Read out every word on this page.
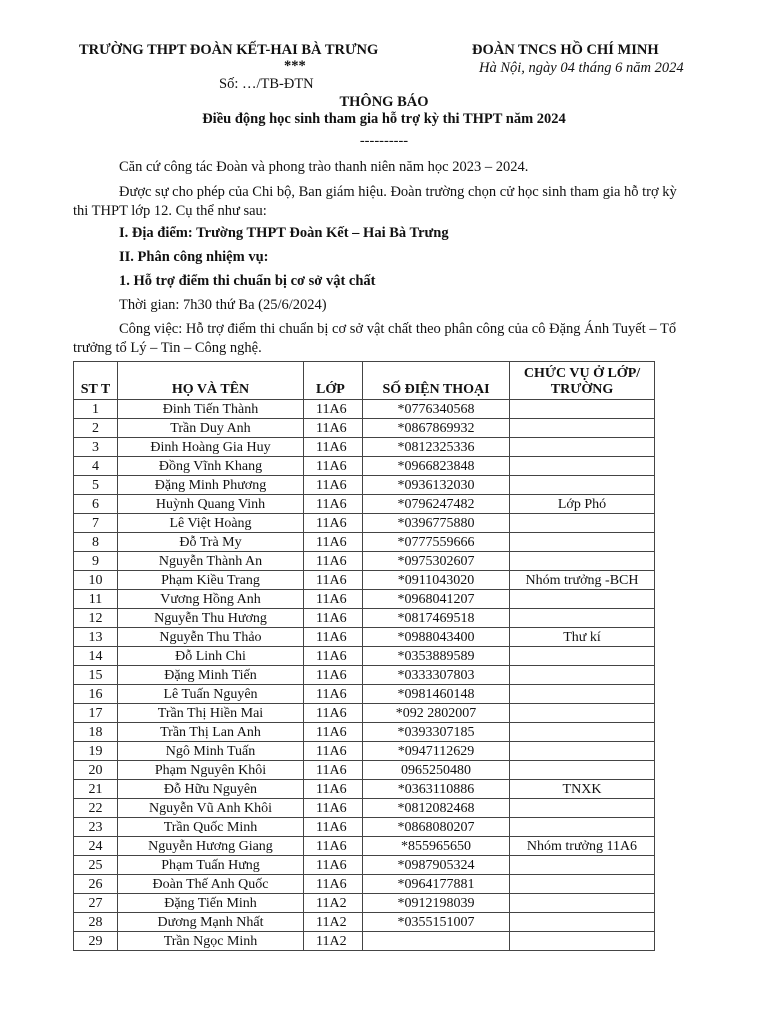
TRƯỜNG THPT ĐOÀN KẾT-HAI BÀ TRƯNG
***
Số: …/TB-ĐTN
ĐOÀN TNCS HỒ CHÍ MINH
Hà Nội, ngày 04 tháng 6 năm 2024
THÔNG BÁO
Điều động học sinh tham gia hỗ trợ kỳ thi THPT năm 2024
----------
Căn cứ công tác Đoàn và phong trào thanh niên năm học 2023 – 2024.
Được sự cho phép của Chi bộ, Ban giám hiệu. Đoàn trường chọn cử học sinh tham gia hỗ trợ kỳ thi THPT lớp 12. Cụ thể như sau:
I. Địa điểm: Trường THPT Đoàn Kết – Hai Bà Trưng
II. Phân công nhiệm vụ:
1. Hỗ trợ điểm thi chuẩn bị cơ sở vật chất
Thời gian: 7h30 thứ Ba (25/6/2024)
Công việc: Hỗ trợ điểm thi chuẩn bị cơ sở vật chất theo phân công của cô Đặng Ánh Tuyết – Tổ trưởng tổ Lý – Tin – Công nghệ.
ST T	HỌ VÀ TÊN	LỚP	SỐ ĐIỆN THOẠI	CHỨC VỤ Ở LỚP/ TRƯỜNG
1	Đinh Tiến Thành	11A6	*0776340568	
2	Trần Duy Anh	11A6	*0867869932	
3	Đinh Hoàng Gia Huy	11A6	*0812325336	
4	Đồng Vĩnh Khang	11A6	*0966823848	
5	Đặng Minh Phương	11A6	*0936132030	
6	Huỳnh Quang Vinh	11A6	*0796247482	Lớp Phó
7	Lê Việt Hoàng	11A6	*0396775880	
8	Đỗ Trà My	11A6	*0777559666	
9	Nguyễn Thành An	11A6	*0975302607	
10	Phạm Kiều Trang	11A6	*0911043020	Nhóm trưởng -BCH
11	Vương Hồng Anh	11A6	*0968041207	
12	Nguyễn Thu Hương	11A6	*0817469518	
13	Nguyễn Thu Thảo	11A6	*0988043400	Thư kí
14	Đỗ Linh Chi	11A6	*0353889589	
15	Đặng Minh Tiến	11A6	*0333307803	
16	Lê Tuấn Nguyên	11A6	*0981460148	
17	Trần Thị Hiền Mai	11A6	*092 2802007	
18	Trần Thị Lan Anh	11A6	*0393307185	
19	Ngô Minh Tuấn	11A6	*0947112629	
20	Phạm Nguyên Khôi	11A6	0965250480	
21	Đỗ Hữu Nguyên	11A6	*0363110886	TNXK
22	Nguyễn Vũ Anh Khôi	11A6	*0812082468	
23	Trần Quốc Minh	11A6	*0868080207	
24	Nguyễn Hương Giang	11A6	*855965650	Nhóm trưởng 11A6
25	Phạm Tuấn Hưng	11A6	*0987905324	
26	Đoàn Thế Anh Quốc	11A6	*0964177881	
27	Đặng Tiến Minh	11A2	*0912198039	
28	Dương Mạnh Nhất	11A2	*0355151007	
29	Trần Ngọc Minh	11A2		
